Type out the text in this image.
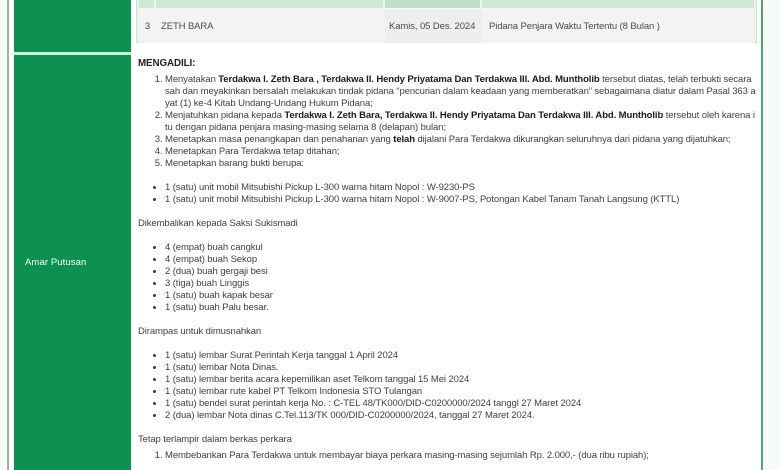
Amar Putusan

3	ZETH BARA	Kamis, 05 Des. 2024	Pidana Penjara Waktu Tertentu (8 Bulan )
MENGADILI:
1. Menyatakan Terdakwa I. Zeth Bara , Terdakwa II. Hendy Priyatama Dan Terdakwa III. Abd. Muntholib tersebut diatas, telah terbukti secara sah dan meyakinkan bersalah melakukan tindak pidana “pencurian dalam keadaan yang memberatkan” sebagaimana diatur dalam Pasal 363 ayat (1) ke-4 Kitab Undang-Undang Hukum Pidana;
2. Menjatuhkan pidana kepada Terdakwa I. Zeth Bara, Terdakwa II. Hendy Priyatama Dan Terdakwa III. Abd. Muntholib tersebut oleh karena itu dengan pidana penjara masing-masing selama 8 (delapan) bulan;
3. Menetapkan masa penangkapan dan penahanan yang telah dijalani Para Terdakwa dikurangkan seluruhnya dari pidana yang dijatuhkan;
4. Menetapkan Para Terdakwa tetap ditahan;
5. Menetapkan barang bukti berupa:
• 1 (satu) unit mobil Mitsubishi Pickup L-300 warna hitam Nopol : W-9230-PS
• 1 (satu) unit mobil Mitsubishi Pickup L-300 warna hitam Nopol : W-9007-PS, Potongan Kabel Tanam Tanah Langsung (KTTL)

Dikembalikan kepada Saksi Sukismadi

• 4 (empat) buah cangkul
• 4 (empat) buah Sekop
• 2 (dua) buah gergaji besi
• 3 (tiga) buah Linggis
• 1 (satu) buah kapak besar
• 1 (satu) buah Palu besar.

Dirampas untuk dimusnahkan

• 1 (satu) lembar Surat Perintah Kerja tanggal 1 April 2024
• 1 (satu) lembar Nota Dinas.
• 1 (satu) lembar berita acara kepemilikan aset Telkom tanggal 15 Mei 2024
• 1 (satu) lembar rute kabel PT Telkom Indonesia STO Tulangan
• 1 (satu) bendel surat perintah kerja No. : C-TEL 48/TK000/DID-C0200000/2024 tanggl 27 Maret 2024
• 2 (dua) lembar Nota dinas C.Tel.113/TK 000/DID-C0200000/2024, tanggal 27 Maret 2024.

Tetap terlampir dalam berkas perkara

1. Membebankan Para Terdakwa untuk membayar biaya perkara masing-masing sejumlah Rp. 2.000,- (dua ribu rupiah);
